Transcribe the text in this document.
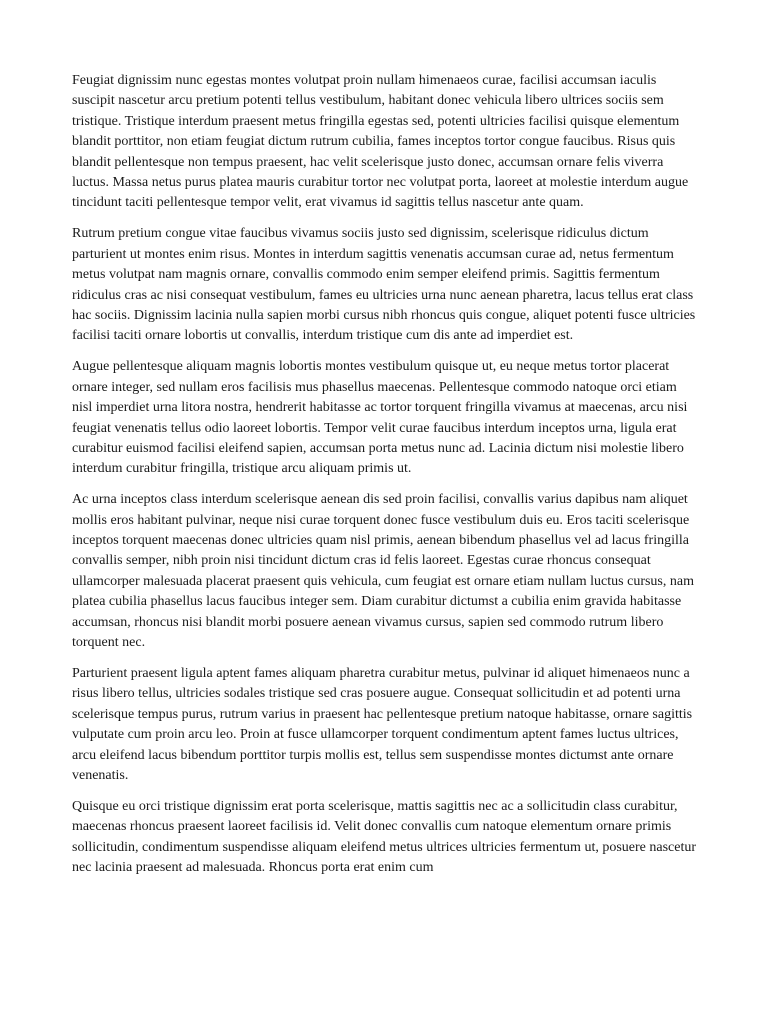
Feugiat dignissim nunc egestas montes volutpat proin nullam himenaeos curae, facilisi accumsan iaculis suscipit nascetur arcu pretium potenti tellus vestibulum, habitant donec vehicula libero ultrices sociis sem tristique. Tristique interdum praesent metus fringilla egestas sed, potenti ultricies facilisi quisque elementum blandit porttitor, non etiam feugiat dictum rutrum cubilia, fames inceptos tortor congue faucibus. Risus quis blandit pellentesque non tempus praesent, hac velit scelerisque justo donec, accumsan ornare felis viverra luctus. Massa netus purus platea mauris curabitur tortor nec volutpat porta, laoreet at molestie interdum augue tincidunt taciti pellentesque tempor velit, erat vivamus id sagittis tellus nascetur ante quam.

Rutrum pretium congue vitae faucibus vivamus sociis justo sed dignissim, scelerisque ridiculus dictum parturient ut montes enim risus. Montes in interdum sagittis venenatis accumsan curae ad, netus fermentum metus volutpat nam magnis ornare, convallis commodo enim semper eleifend primis. Sagittis fermentum ridiculus cras ac nisi consequat vestibulum, fames eu ultricies urna nunc aenean pharetra, lacus tellus erat class hac sociis. Dignissim lacinia nulla sapien morbi cursus nibh rhoncus quis congue, aliquet potenti fusce ultricies facilisi taciti ornare lobortis ut convallis, interdum tristique cum dis ante ad imperdiet est.

Augue pellentesque aliquam magnis lobortis montes vestibulum quisque ut, eu neque metus tortor placerat ornare integer, sed nullam eros facilisis mus phasellus maecenas. Pellentesque commodo natoque orci etiam nisl imperdiet urna litora nostra, hendrerit habitasse ac tortor torquent fringilla vivamus at maecenas, arcu nisi feugiat venenatis tellus odio laoreet lobortis. Tempor velit curae faucibus interdum inceptos urna, ligula erat curabitur euismod facilisi eleifend sapien, accumsan porta metus nunc ad. Lacinia dictum nisi molestie libero interdum curabitur fringilla, tristique arcu aliquam primis ut.

Ac urna inceptos class interdum scelerisque aenean dis sed proin facilisi, convallis varius dapibus nam aliquet mollis eros habitant pulvinar, neque nisi curae torquent donec fusce vestibulum duis eu. Eros taciti scelerisque inceptos torquent maecenas donec ultricies quam nisl primis, aenean bibendum phasellus vel ad lacus fringilla convallis semper, nibh proin nisi tincidunt dictum cras id felis laoreet. Egestas curae rhoncus consequat ullamcorper malesuada placerat praesent quis vehicula, cum feugiat est ornare etiam nullam luctus cursus, nam platea cubilia phasellus lacus faucibus integer sem. Diam curabitur dictumst a cubilia enim gravida habitasse accumsan, rhoncus nisi blandit morbi posuere aenean vivamus cursus, sapien sed commodo rutrum libero torquent nec.

Parturient praesent ligula aptent fames aliquam pharetra curabitur metus, pulvinar id aliquet himenaeos nunc a risus libero tellus, ultricies sodales tristique sed cras posuere augue. Consequat sollicitudin et ad potenti urna scelerisque tempus purus, rutrum varius in praesent hac pellentesque pretium natoque habitasse, ornare sagittis vulputate cum proin arcu leo. Proin at fusce ullamcorper torquent condimentum aptent fames luctus ultrices, arcu eleifend lacus bibendum porttitor turpis mollis est, tellus sem suspendisse montes dictumst ante ornare venenatis.

Quisque eu orci tristique dignissim erat porta scelerisque, mattis sagittis nec ac a sollicitudin class curabitur, maecenas rhoncus praesent laoreet facilisis id. Velit donec convallis cum natoque elementum ornare primis sollicitudin, condimentum suspendisse aliquam eleifend metus ultrices ultricies fermentum ut, posuere nascetur nec lacinia praesent ad malesuada. Rhoncus porta erat enim cum
